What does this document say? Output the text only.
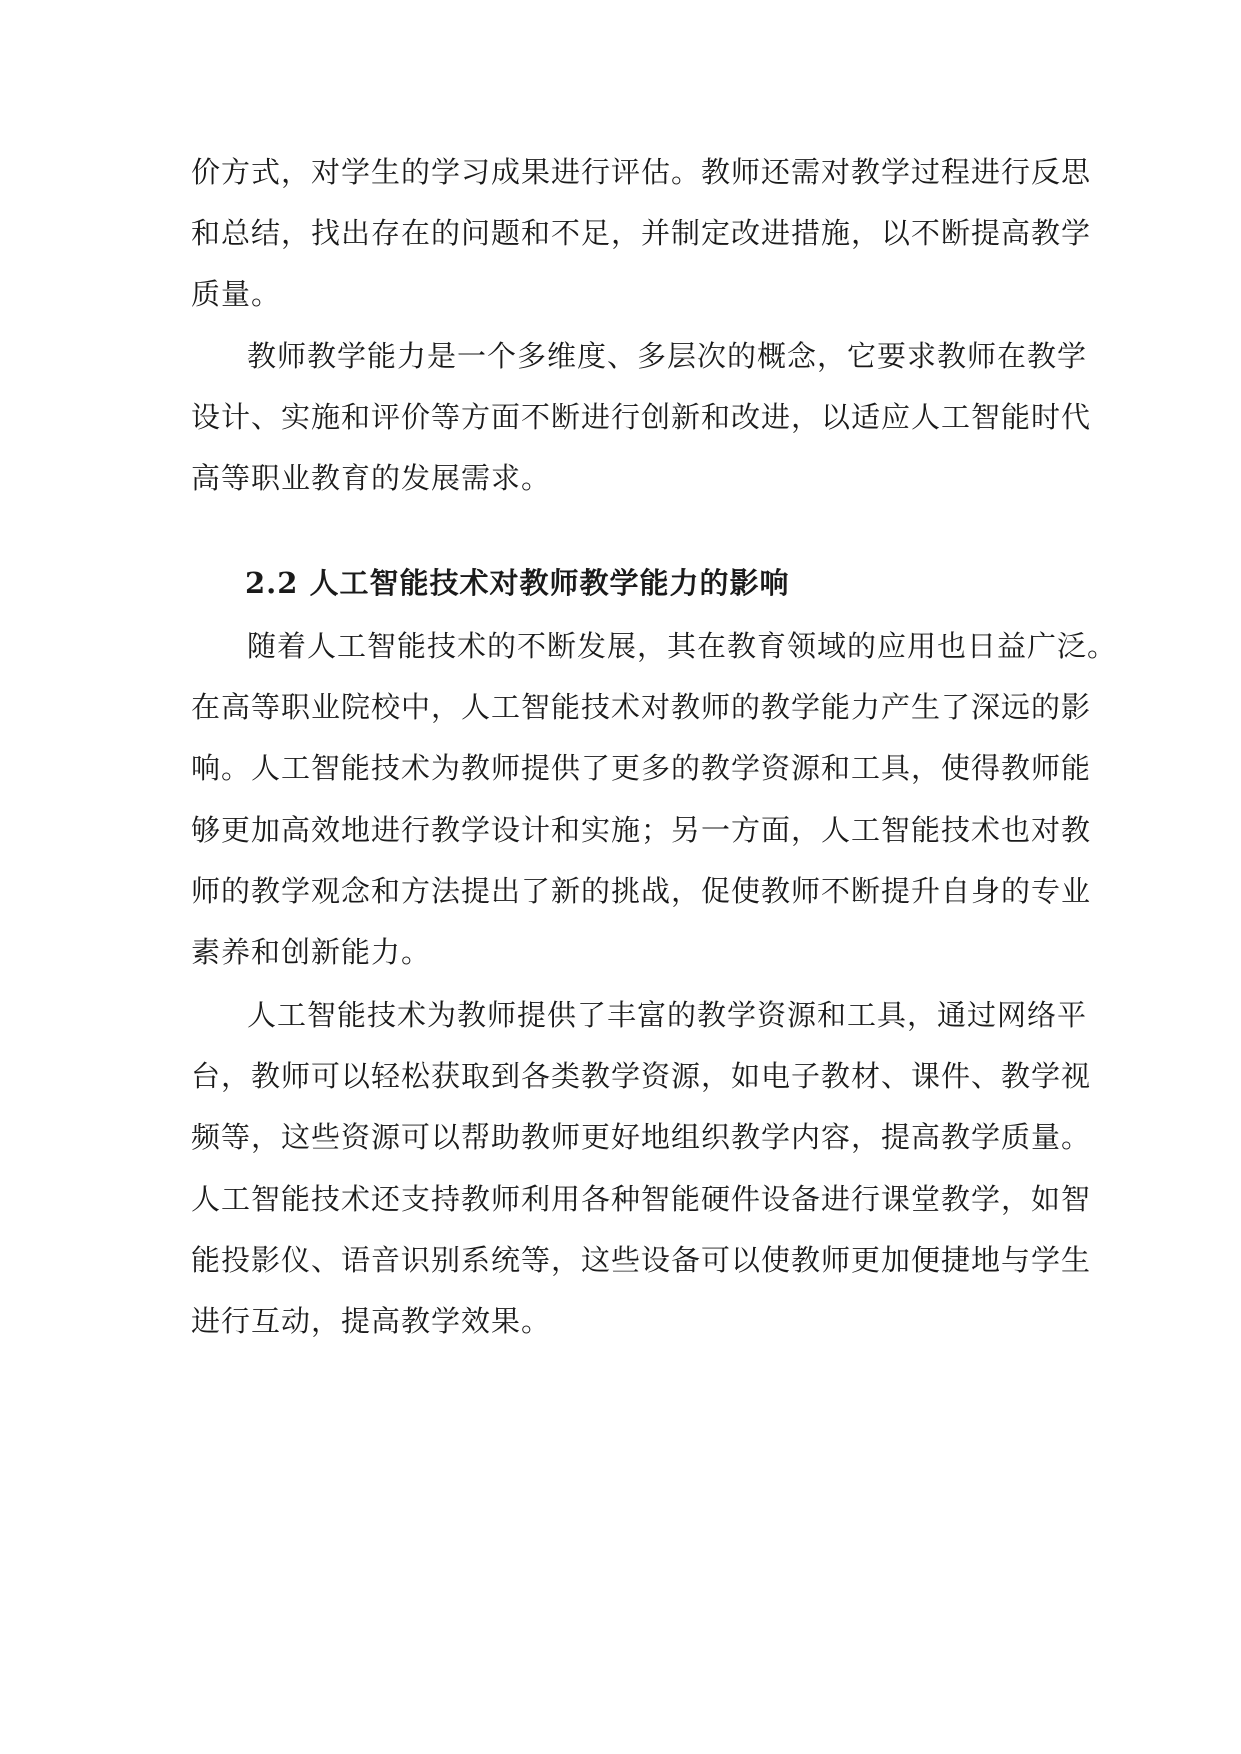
价方式，对学生的学习成果进行评估。教师还需对教学过程进行反思
和总结，找出存在的问题和不足，并制定改进措施，以不断提高教学
质量。
教师教学能力是一个多维度、多层次的概念，它要求教师在教学
设计、实施和评价等方面不断进行创新和改进，以适应人工智能时代
高等职业教育的发展需求。
2.2 人工智能技术对教师教学能力的影响
随着人工智能技术的不断发展，其在教育领域的应用也日益广泛。
在高等职业院校中，人工智能技术对教师的教学能力产生了深远的影
响。人工智能技术为教师提供了更多的教学资源和工具，使得教师能
够更加高效地进行教学设计和实施；另一方面，人工智能技术也对教
师的教学观念和方法提出了新的挑战，促使教师不断提升自身的专业
素养和创新能力。
人工智能技术为教师提供了丰富的教学资源和工具，通过网络平
台，教师可以轻松获取到各类教学资源，如电子教材、课件、教学视
频等，这些资源可以帮助教师更好地组织教学内容，提高教学质量。
人工智能技术还支持教师利用各种智能硬件设备进行课堂教学，如智
能投影仪、语音识别系统等，这些设备可以使教师更加便捷地与学生
进行互动，提高教学效果。
